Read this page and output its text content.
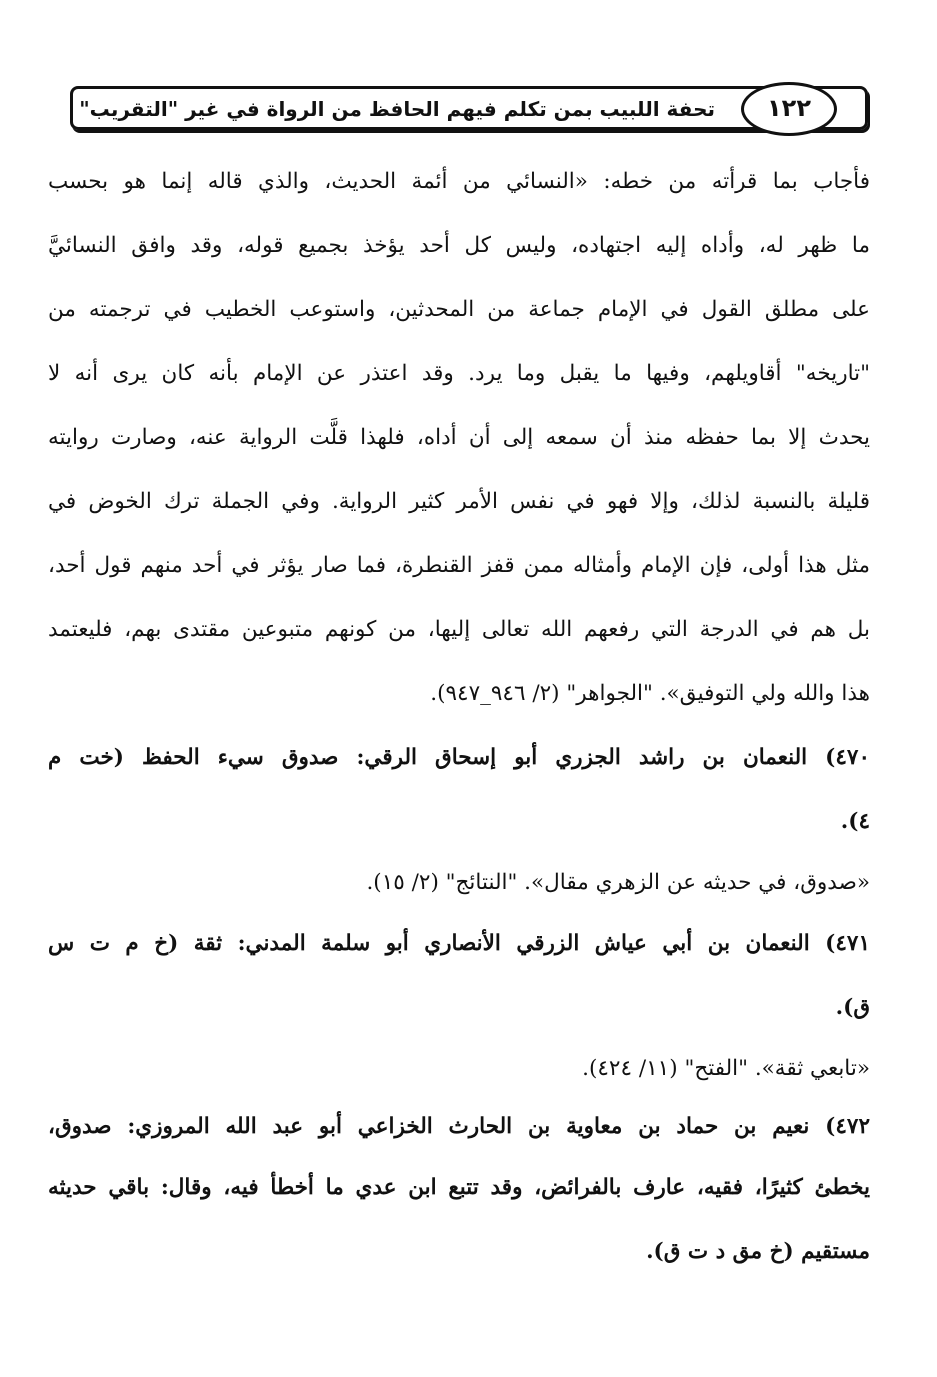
١٢٢
تحفة اللبيب بمن تكلم فيهم الحافظ من الرواة في غير "التقريب"
فأجاب بما قرأته من خطه: «النسائي من أئمة الحديث، والذي قاله إنما هو بحسب
ما ظهر له، وأداه إليه اجتهاده، وليس كل أحد يؤخذ بجميع قوله، وقد وافق النسائيَّ
على مطلق القول في الإمام جماعة من المحدثين، واستوعب الخطيب في ترجمته من
"تاريخه" أقاويلهم، وفيها ما يقبل وما يرد. وقد اعتذر عن الإمام بأنه كان يرى أنه لا
يحدث إلا بما حفظه منذ أن سمعه إلى أن أداه، فلهذا قلَّت الرواية عنه، وصارت روايته
قليلة بالنسبة لذلك، وإلا فهو في نفس الأمر كثير الرواية. وفي الجملة ترك الخوض في
مثل هذا أولى، فإن الإمام وأمثاله ممن قفز القنطرة، فما صار يؤثر في أحد منهم قول أحد،
بل هم في الدرجة التي رفعهم الله تعالى إليها، من كونهم متبوعين مقتدى بهم، فليعتمد
هذا والله ولي التوفيق». "الجواهر" (٢/ ٩٤٦_٩٤٧).
٤٧٠) النعمان بن راشد الجزري أبو إسحاق الرقي: صدوق سيء الحفظ (خت م
٤).
«صدوق، في حديثه عن الزهري مقال». "النتائج" (٢/ ١٥).
٤٧١) النعمان بن أبي عياش الزرقي الأنصاري أبو سلمة المدني: ثقة (خ م ت س
ق).
«تابعي ثقة». "الفتح" (١١/ ٤٢٤).
٤٧٢) نعيم بن حماد بن معاوية بن الحارث الخزاعي أبو عبد الله المروزي: صدوق،
يخطئ كثيرًا، فقيه، عارف بالفرائض، وقد تتبع ابن عدي ما أخطأ فيه، وقال: باقي حديثه
مستقيم (خ مق د ت ق).
